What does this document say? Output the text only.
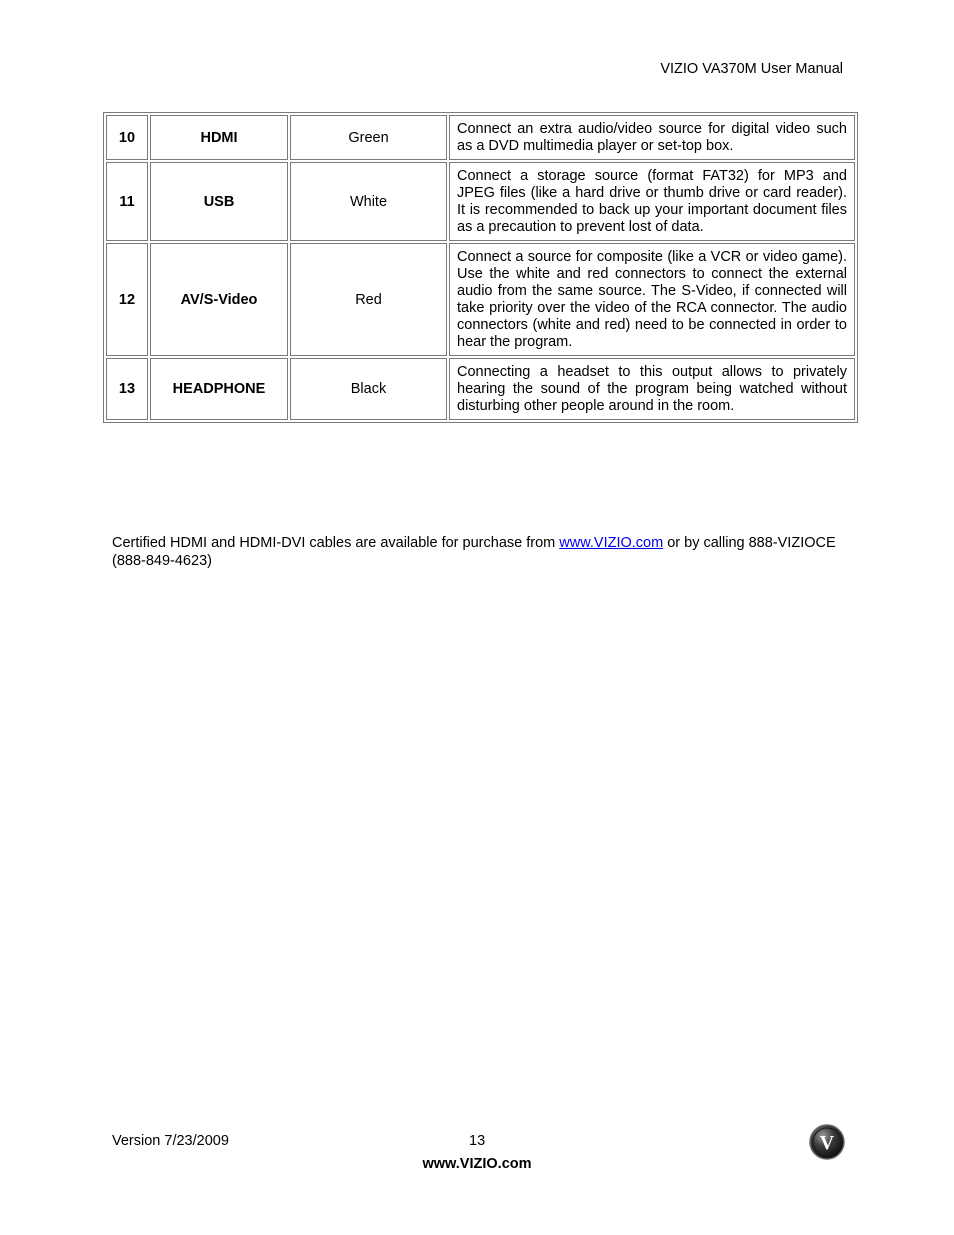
VIZIO VA370M User Manual
10	HDMI	Green	Connect an extra audio/video source for digital video such as a DVD multimedia player or set-top box.
11	USB	White	Connect a storage source (format FAT32) for MP3 and JPEG files (like a hard drive or thumb drive or card reader). It is recommended to back up your important document files as a precaution to prevent lost of data.
12	AV/S-Video	Red	Connect a source for composite (like a VCR or video game). Use the white and red connectors to connect the external audio from the same source. The S-Video, if connected will take priority over the video of the RCA connector. The audio connectors (white and red) need to be connected in order to hear the program.
13	HEADPHONE	Black	Connecting a headset to this output allows to privately hearing the sound of the program being watched without disturbing other people around in the room.
Certified HDMI and HDMI-DVI cables are available for purchase from www.VIZIO.com or by calling 888-VIZIOCE (888-849-4623)
Version 7/23/2009	13
www.VIZIO.com
V
